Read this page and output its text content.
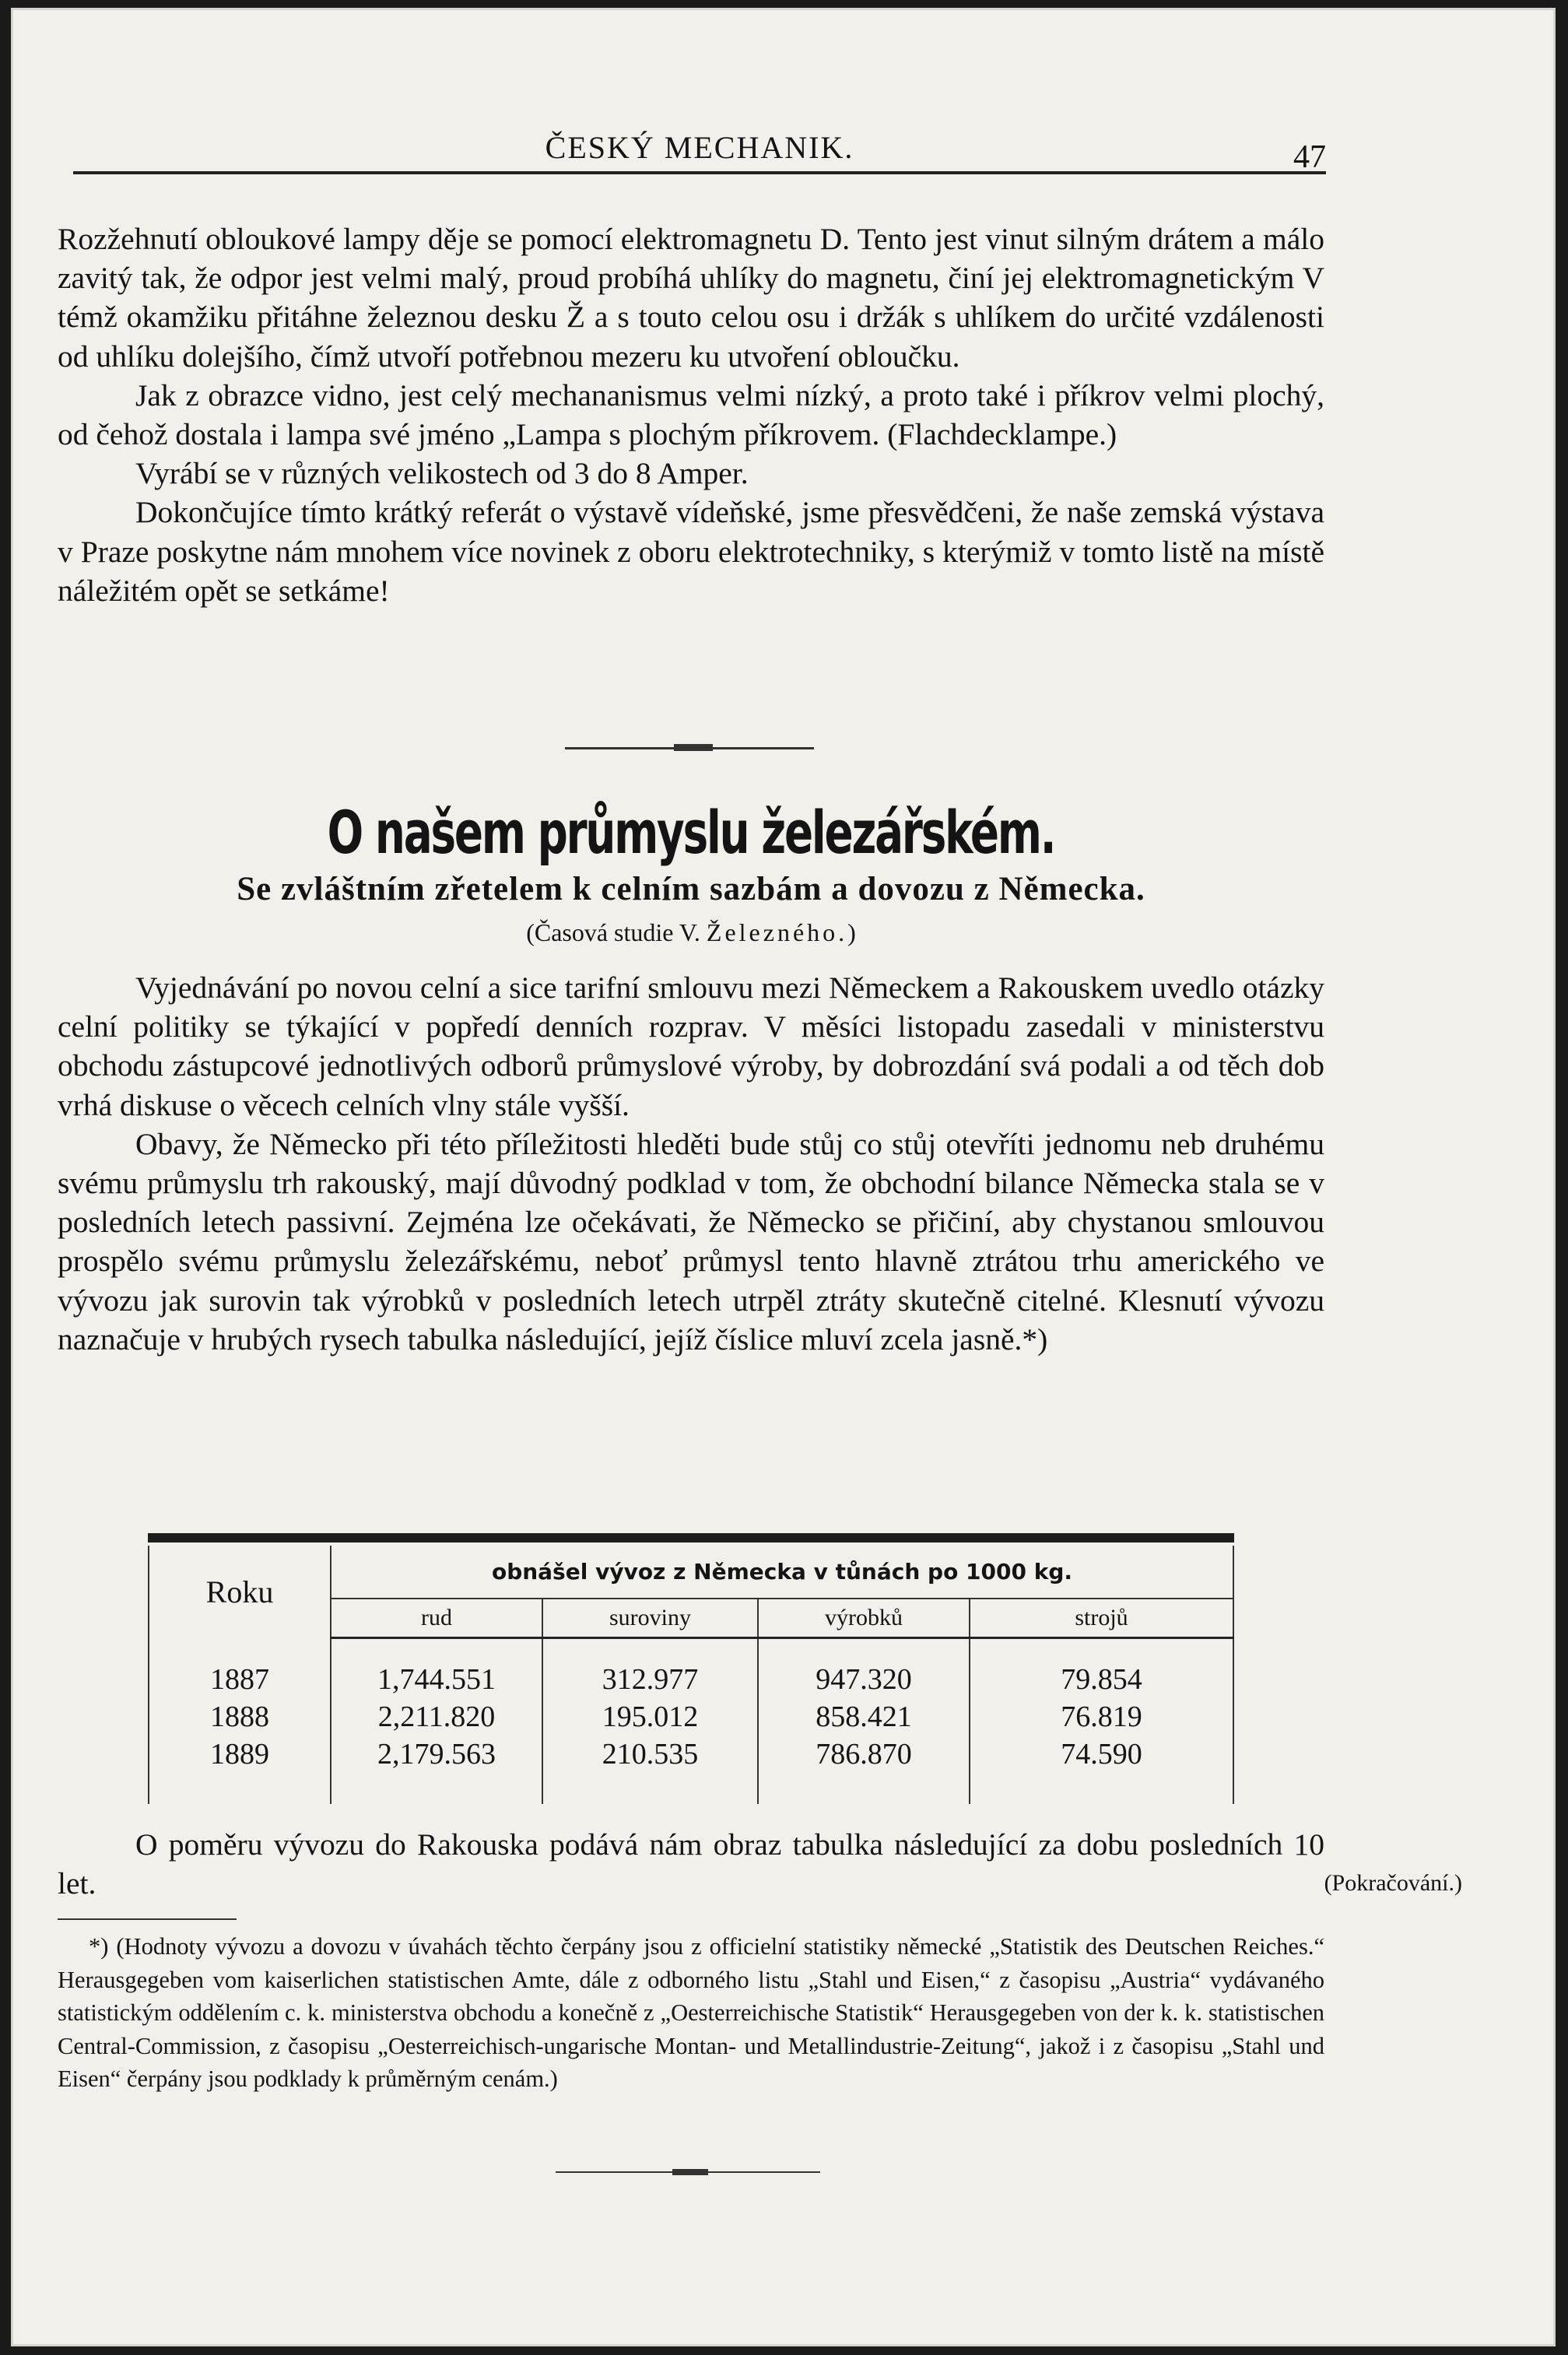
ČESKÝ MECHANIK.	47

Rozžehnutí obloukové lampy děje se pomocí elektromagnetu D. Tento jest vinut silným drátem a málo zavitý tak, že odpor jest velmi malý, proud probíhá uhlíky do magnetu, činí jej elektromagnetickým V témž okamžiku přitáhne železnou desku Ž a s touto celou osu i držák s uhlíkem do určité vzdálenosti od uhlíku dolejšího, čímž utvoří potřebnou mezeru ku utvoření obloučku.

Jak z obrazce vidno, jest celý mechananismus velmi nízký, a proto také i příkrov velmi plochý, od čehož dostala i lampa své jméno „Lampa s plochým příkrovem. (Flachdecklampe.)

Vyrábí se v různých velikostech od 3 do 8 Amper.

Dokončujíce tímto krátký referát o výstavě vídeňské, jsme přesvědčeni, že naše zemská výstava v Praze poskytne nám mnohem více novinek z oboru elektrotechniky, s kterýmiž v tomto listě na místě náležitém opět se setkáme!

O našem průmyslu železářském.
Se zvláštním zřetelem k celním sazbám a dovozu z Německa.
(Časová studie V. Železného.)

Vyjednávání po novou celní a sice tarifní smlouvu mezi Německem a Rakouskem uvedlo otázky celní politiky se týkající v popředí denních rozprav. V měsíci listopadu zasedali v ministerstvu obchodu zástupcové jednotlivých odborů průmyslové výroby, by dobrozdání svá podali a od těch dob vrhá diskuse o věcech celních vlny stále vyšší.

Obavy, že Německo při této příležitosti hleděti bude stůj co stůj otevříti jednomu neb druhému svému průmyslu trh rakouský, mají důvodný podklad v tom, že obchodní bilance Německa stala se v posledních letech passivní. Zejména lze očekávati, že Německo se přičiní, aby chystanou smlouvou prospělo svému průmyslu železářskému, neboť průmysl tento hlavně ztrátou trhu amerického ve vývozu jak surovin tak výrobků v posledních letech utrpěl ztráty skutečně citelné. Klesnutí vývozu naznačuje v hrubých rysech tabulka následující, jejíž číslice mluví zcela jasně.*)

Roku	obnášel vývoz z Německa v tůnách po 1000 kg.			
	rud	suroviny	výrobků	strojů

1887	1,744.551	312.977	947.320	79.854
1888	2,211.820	195.012	858.421	76.819
1889	2,179.563	210.535	786.870	74.590

O poměru vývozu do Rakouska podává nám obraz tabulka následující za dobu posledních 10 let.	(Pokračování.)

*) (Hodnoty vývozu a dovozu v úvahách těchto čerpány jsou z officielní statistiky německé „Statistik des Deutschen Reiches.“ Herausgegeben vom kaiserlichen statistischen Amte, dále z odborného listu „Stahl und Eisen,“ z časopisu „Austria“ vydávaného statistickým oddělením c. k. ministerstva obchodu a konečně z „Oesterreichische Statistik“ Herausgegeben von der k. k. statistischen Central-Commission, z časopisu „Oesterreichisch-ungarische Montan- und Metallindustrie-Zeitung“, jakož i z časopisu „Stahl und Eisen“ čerpány jsou podklady k průměrným cenám.)
